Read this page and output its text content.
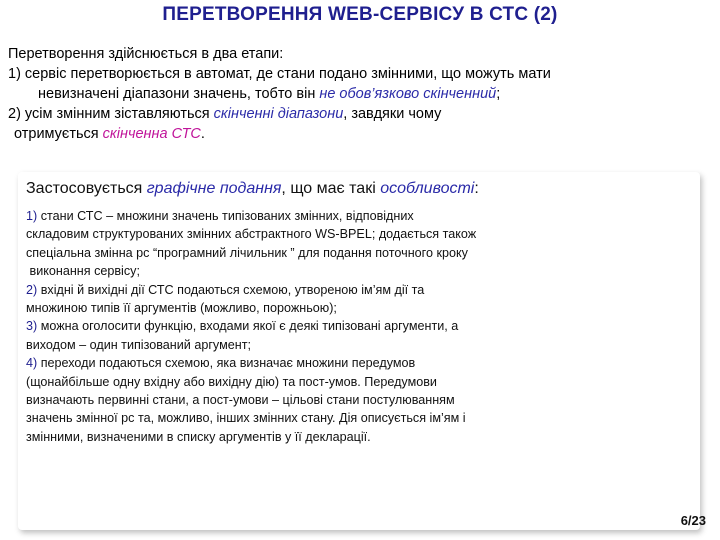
ПЕРЕТВОРЕННЯ WEB-СЕРВІСУ В СТС (2)

Перетворення здійснюється в два етапи:

1) сервіс перетворюється в автомат, де стани подано змінними, що можуть мати

невизначені діапазони значень, тобто він не обов’язково скінченний;

2) усім змінним зіставляються скінченні діапазони, завдяки чому

отримується скінченна СТС.

Застосовується графічне подання, що має такі особливості:

1) стани СТС – множини значень типізованих змінних, відповідних

складовим структурованих змінних абстрактного WS-BPEL; додається також

спеціальна змінна pc “програмний лічильник ” для подання поточного кроку

виконання сервісу;

2) вхідні й вихідні дії СТС подаються схемою, утвореною ім’ям дії та

множиною типів її аргументів (можливо, порожньою);

3) можна оголосити функцію, входами якої є деякі типізовані аргументи, а

виходом – один типізований аргумент;

4) переходи подаються схемою, яка визначає множини передумов

(щонайбільше одну вхідну або вихідну дію) та пост-умов. Передумови

визначають первинні стани, а пост-умови – цільові стани постулюванням

значень змінної pc та, можливо, інших змінних стану. Дія описується ім’ям і

змінними, визначеними в списку аргументів у її декларації.

6/23
